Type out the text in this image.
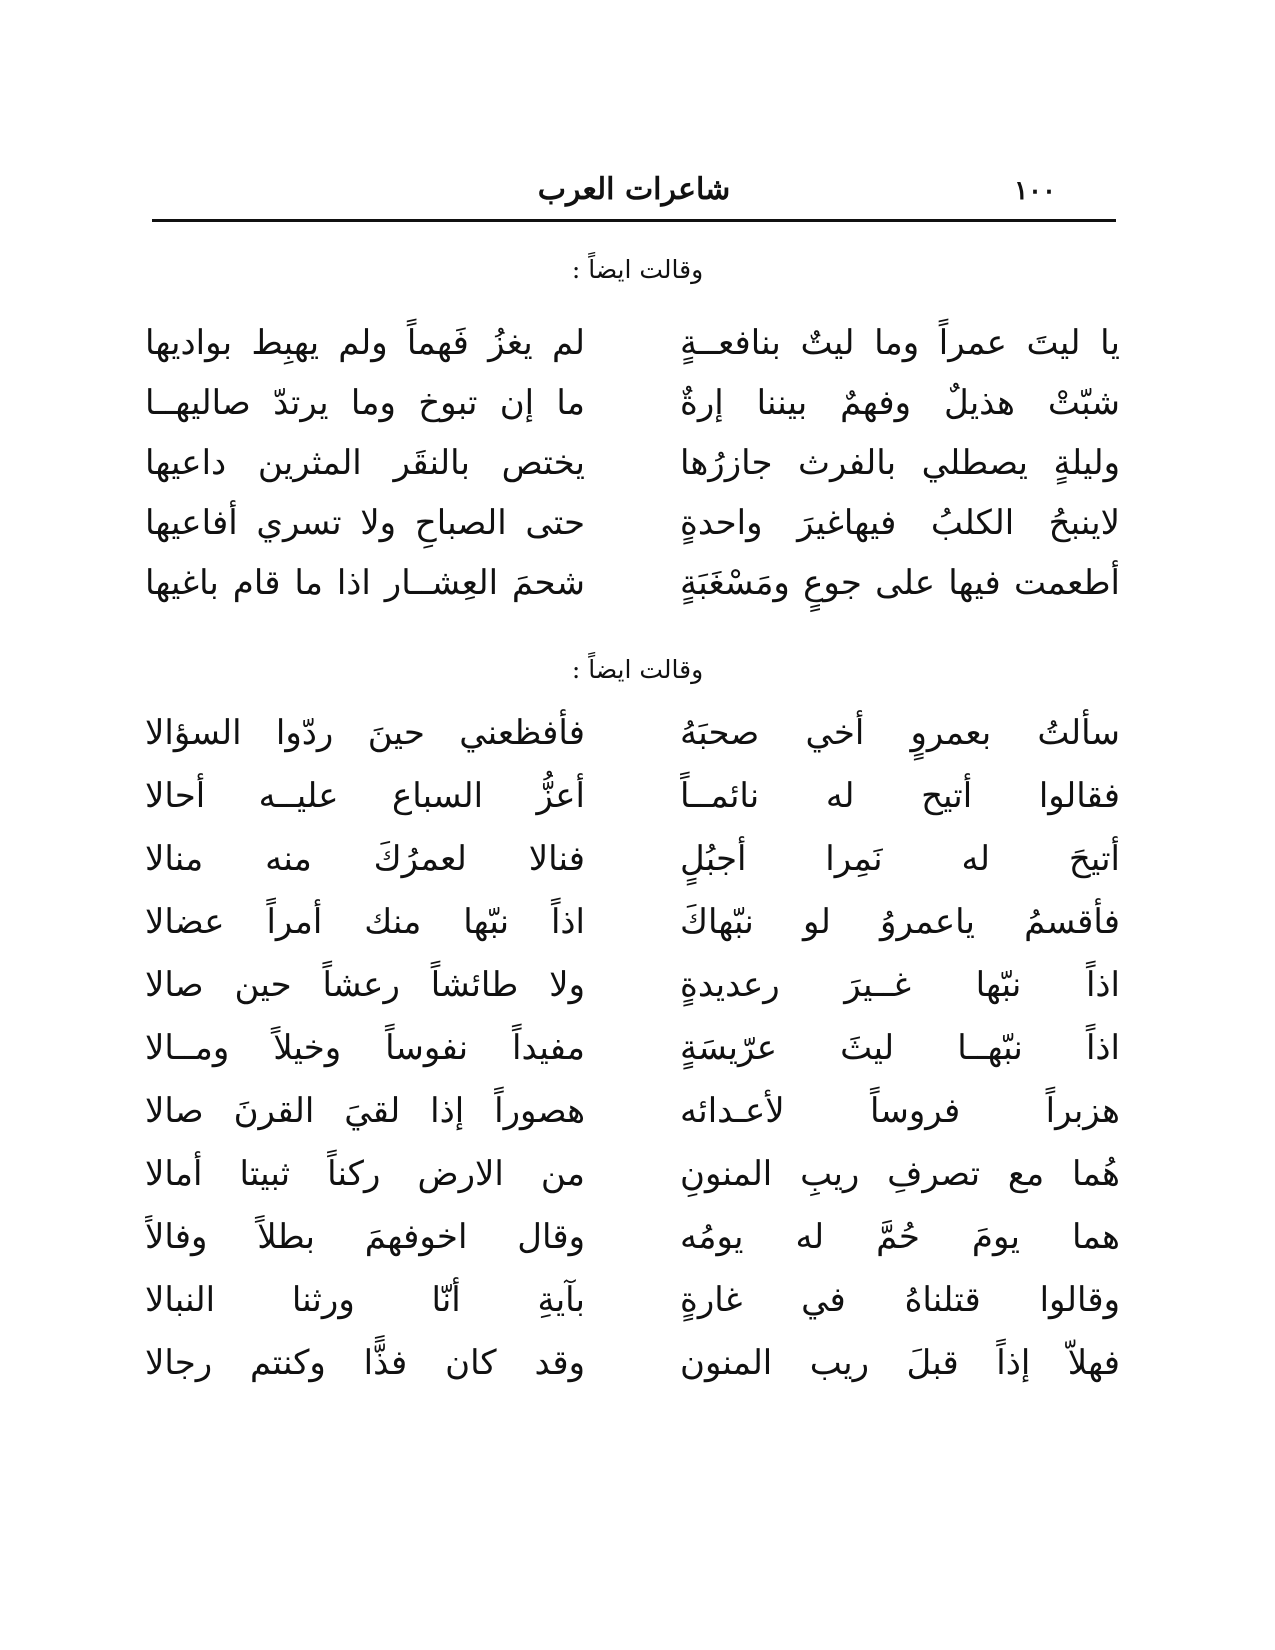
شاعرات العرب	١٠٠
وقالت ايضاً :
يا ليتَ عمراً وما ليتٌ بنافعــةٍ
لم يغزُ فَهماً ولم يهبِط بواديها
شبّتْ هذيلٌ وفهمٌ بيننا إرةٌ
ما إن تبوخ وما يرتدّ صاليهــا
وليلةٍ يصطلي بالفرث جازرُها
يختص بالنقَر المثرين داعيها
لاينبحُ الكلبُ فيهاغيرَ واحدةٍ
حتى الصباحِ ولا تسري أفاعيها
أطعمت فيها على جوعٍ ومَسْغَبَةٍ
شحمَ العِشــار اذا ما قام باغيها
وقالت ايضاً :
سألتُ بعمروٍ أخي صحبَهُ
فأفظعني حينَ ردّوا السؤالا
فقالوا أتيح له نائمــاً
أعزُّ السباع عليــه أحالا
أتيحَ له نَمِرا أجبُلٍ
فنالا لعمرُكَ منه منالا
فأقسمُ ياعمروُ لو نبّهاكَ
اذاً نبّها منك أمراً عضالا
اذاً نبّها غــيرَ رعديدةٍ
ولا طائشاً رعشاً حين صالا
اذاً نبّهــا ليثَ عرّيسَةٍ
مفيداً نفوساً وخيلاً ومــالا
هزبراً فروساً لأعـدائه
هصوراً إذا لقيَ القرنَ صالا
هُما مع تصرفِ ريبِ المنونِ
من الارض ركناً ثبيتا أمالا
هما يومَ حُمَّ له يومُه
وقال اخوفهمَ بطلاً وفالاً
وقالوا قتلناهُ في غارةٍ
بآيةِ أنّا ورثنا النبالا
فهلاّ إذاً قبلَ ريب المنون
وقد كان فذًّا وكنتم رجالا
